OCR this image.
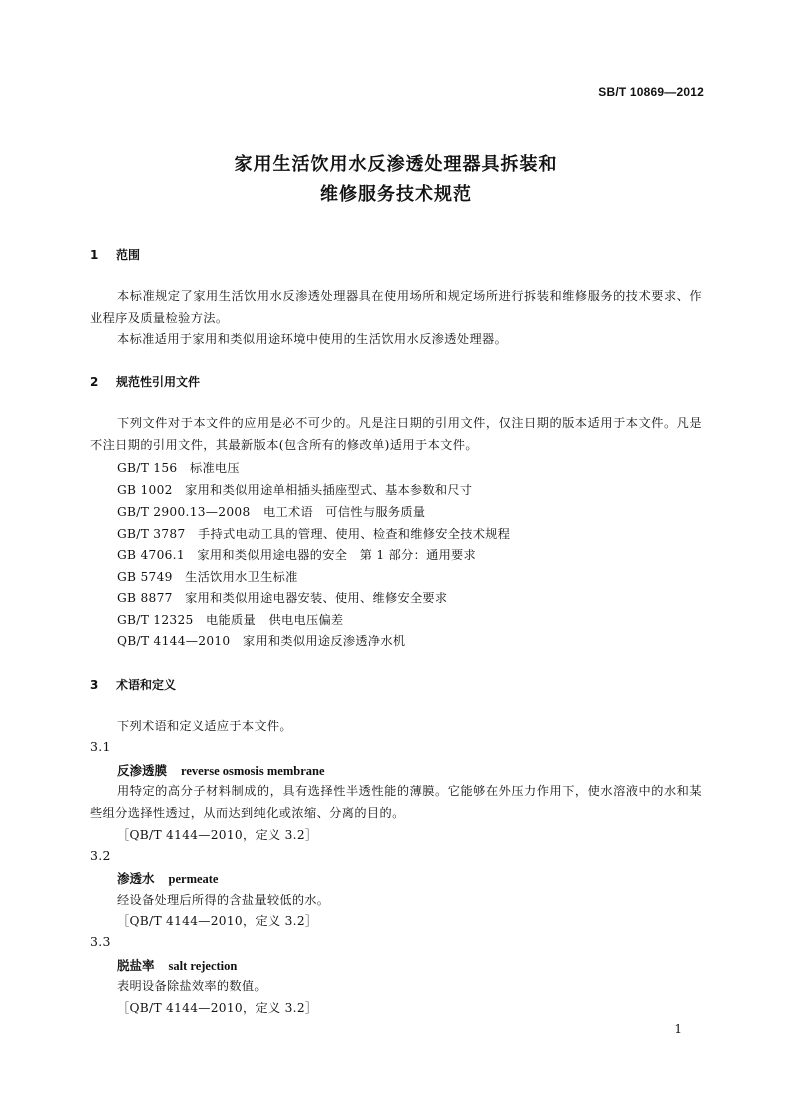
SB/T 10869—2012
家用生活饮用水反渗透处理器具拆装和
维修服务技术规范
1 范围
本标准规定了家用生活饮用水反渗透处理器具在使用场所和规定场所进行拆装和维修服务的技术要求、作业程序及质量检验方法。
本标准适用于家用和类似用途环境中使用的生活饮用水反渗透处理器。
2 规范性引用文件
下列文件对于本文件的应用是必不可少的。凡是注日期的引用文件，仅注日期的版本适用于本文件。凡是不注日期的引用文件，其最新版本(包含所有的修改单)适用于本文件。
GB/T 156　标准电压
GB 1002　家用和类似用途单相插头插座型式、基本参数和尺寸
GB/T 2900.13—2008　电工术语　可信性与服务质量
GB/T 3787　手持式电动工具的管理、使用、检查和维修安全技术规程
GB 4706.1　家用和类似用途电器的安全　第 1 部分：通用要求
GB 5749　生活饮用水卫生标准
GB 8877　家用和类似用途电器安装、使用、维修安全要求
GB/T 12325　电能质量　供电电压偏差
QB/T 4144—2010　家用和类似用途反渗透净水机
3 术语和定义
下列术语和定义适应于本文件。
3.1
反渗透膜 reverse osmosis membrane
用特定的高分子材料制成的，具有选择性半透性能的薄膜。它能够在外压力作用下，使水溶液中的水和某些组分选择性透过，从而达到纯化或浓缩、分离的目的。
［QB/T 4144—2010，定义 3.2］
3.2
渗透水 permeate
经设备处理后所得的含盐量较低的水。
［QB/T 4144—2010，定义 3.2］
3.3
脱盐率 salt rejection
表明设备除盐效率的数值。
［QB/T 4144—2010，定义 3.2］
1
